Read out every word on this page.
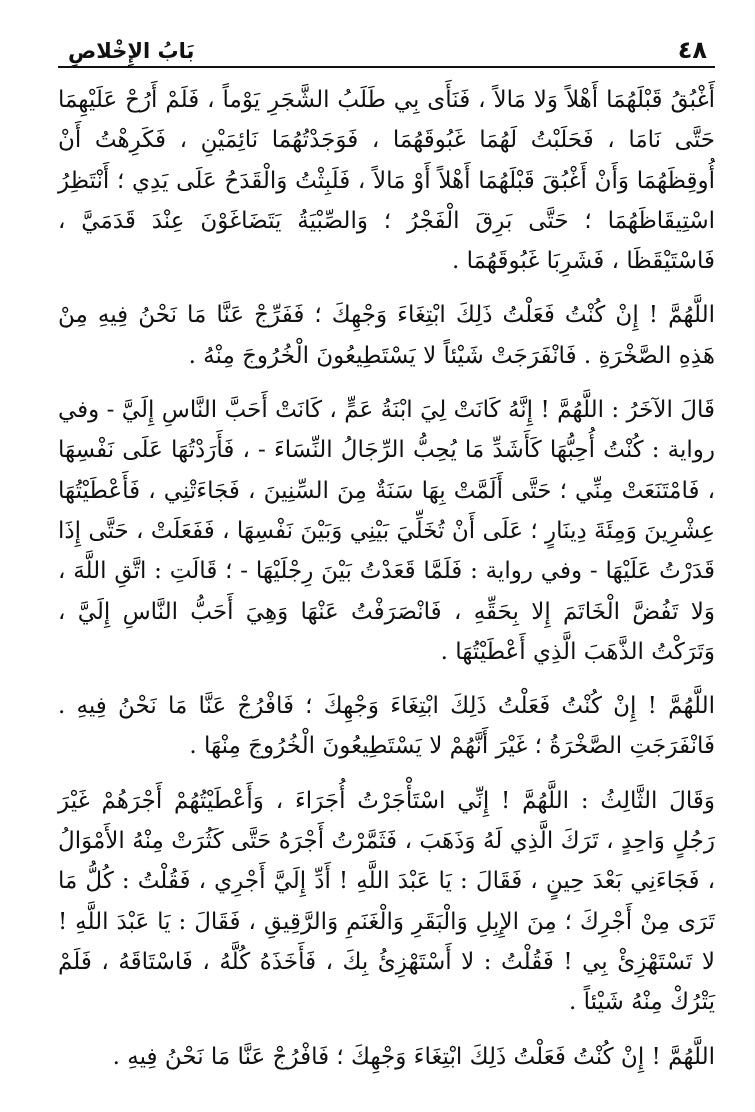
٤٨
بَابُ الإِخْلاصِ

أَغْبُقُ قَبْلَهُمَا أَهْلاً وَلا مَالاً ، فَنَأَى بِي طَلَبُ الشَّجَرِ يَوْماً ، فَلَمْ أَرُحْ عَلَيْهِمَا حَتَّى نَامَا ، فَحَلَبْتُ لَهُمَا غَبُوقَهُمَا ، فَوَجَدْتُهُمَا نَائِمَيْنِ ، فَكَرِهْتُ أَنْ أُوقِظَهُمَا وَأَنْ أَغْبُقَ قَبْلَهُمَا أَهْلاً أَوْ مَالاً ، فَلَبِثْتُ وَالْقَدَحُ عَلَى يَدِي ؛ أَنْتَظِرُ اسْتِيقَاظَهُمَا ؛ حَتَّى بَرِقَ الْفَجْرُ ؛ وَالصِّبْيَةُ يَتَضَاغَوْنَ عِنْدَ قَدَمَيَّ ، فَاسْتَيْقَظَا ، فَشَرِبَا غَبُوقَهُمَا .

اللَّهُمَّ ! إِنْ كُنْتُ فَعَلْتُ ذَلِكَ ابْتِغَاءَ وَجْهِكَ ؛ فَفَرِّجْ عَنَّا مَا نَحْنُ فِيهِ مِنْ هَذِهِ الصَّخْرَةِ . فَانْفَرَجَتْ شَيْئاً لا يَسْتَطِيعُونَ الْخُرُوجَ مِنْهُ .

قَالَ الآخَرُ : اللَّهُمَّ ! إِنَّهُ كَانَتْ لِيَ ابْنَةُ عَمٍّ ، كَانَتْ أَحَبَّ النَّاسِ إِلَيَّ - وفي رواية : كُنْتُ أُحِبُّهَا كَأَشَدِّ مَا يُحِبُّ الرِّجَالُ النِّسَاءَ - ، فَأَرَدْتُهَا عَلَى نَفْسِهَا ، فَامْتَنَعَتْ مِنِّي ؛ حَتَّى أَلَمَّتْ بِهَا سَنَةٌ مِنَ السِّنِينَ ، فَجَاءَتْنِي ، فَأَعْطَيْتُهَا عِشْرِينَ وَمِئَةَ دِينَارٍ ؛ عَلَى أَنْ تُخَلِّيَ بَيْنِي وَبَيْنَ نَفْسِهَا ، فَفَعَلَتْ ، حَتَّى إِذَا قَدَرْتُ عَلَيْهَا - وفي رواية : فَلَمَّا قَعَدْتُ بَيْنَ رِجْلَيْهَا - ؛ قَالَتِ : اتَّقِ اللَّهَ ، وَلا تَفُضَّ الْخَاتَمَ إِلا بِحَقِّهِ ، فَانْصَرَفْتُ عَنْهَا وَهِيَ أَحَبُّ النَّاسِ إِلَيَّ ، وَتَرَكْتُ الذَّهَبَ الَّذِي أَعْطَيْتُهَا .

اللَّهُمَّ ! إِنْ كُنْتُ فَعَلْتُ ذَلِكَ ابْتِغَاءَ وَجْهِكَ ؛ فَافْرُجْ عَنَّا مَا نَحْنُ فِيهِ . فَانْفَرَجَتِ الصَّخْرَةُ ؛ غَيْرَ أَنَّهُمْ لا يَسْتَطِيعُونَ الْخُرُوجَ مِنْهَا .

وَقَالَ الثَّالِثُ : اللَّهُمَّ ! إِنِّي اسْتَأْجَرْتُ أُجَرَاءَ ، وَأَعْطَيْتُهُمْ أَجْرَهُمْ غَيْرَ رَجُلٍ وَاحِدٍ ، تَرَكَ الَّذِي لَهُ وَذَهَبَ ، فَثَمَّرْتُ أَجْرَهُ حَتَّى كَثُرَتْ مِنْهُ الأَمْوَالُ ، فَجَاءَنِي بَعْدَ حِينٍ ، فَقَالَ : يَا عَبْدَ اللَّهِ ! أَدِّ إِلَيَّ أَجْرِي ، فَقُلْتُ : كُلُّ مَا تَرَى مِنْ أَجْرِكَ ؛ مِنَ الإِبِلِ وَالْبَقَرِ وَالْغَنَمِ وَالرَّقِيقِ ، فَقَالَ : يَا عَبْدَ اللَّهِ ! لا تَسْتَهْزِئْ بِي ! فَقُلْتُ : لا أَسْتَهْزِئُ بِكَ ، فَأَخَذَهُ كُلَّهُ ، فَاسْتَاقَهُ ، فَلَمْ يَتْرُكْ مِنْهُ شَيْئاً .

اللَّهُمَّ ! إِنْ كُنْتُ فَعَلْتُ ذَلِكَ ابْتِغَاءَ وَجْهِكَ ؛ فَافْرُجْ عَنَّا مَا نَحْنُ فِيهِ .
